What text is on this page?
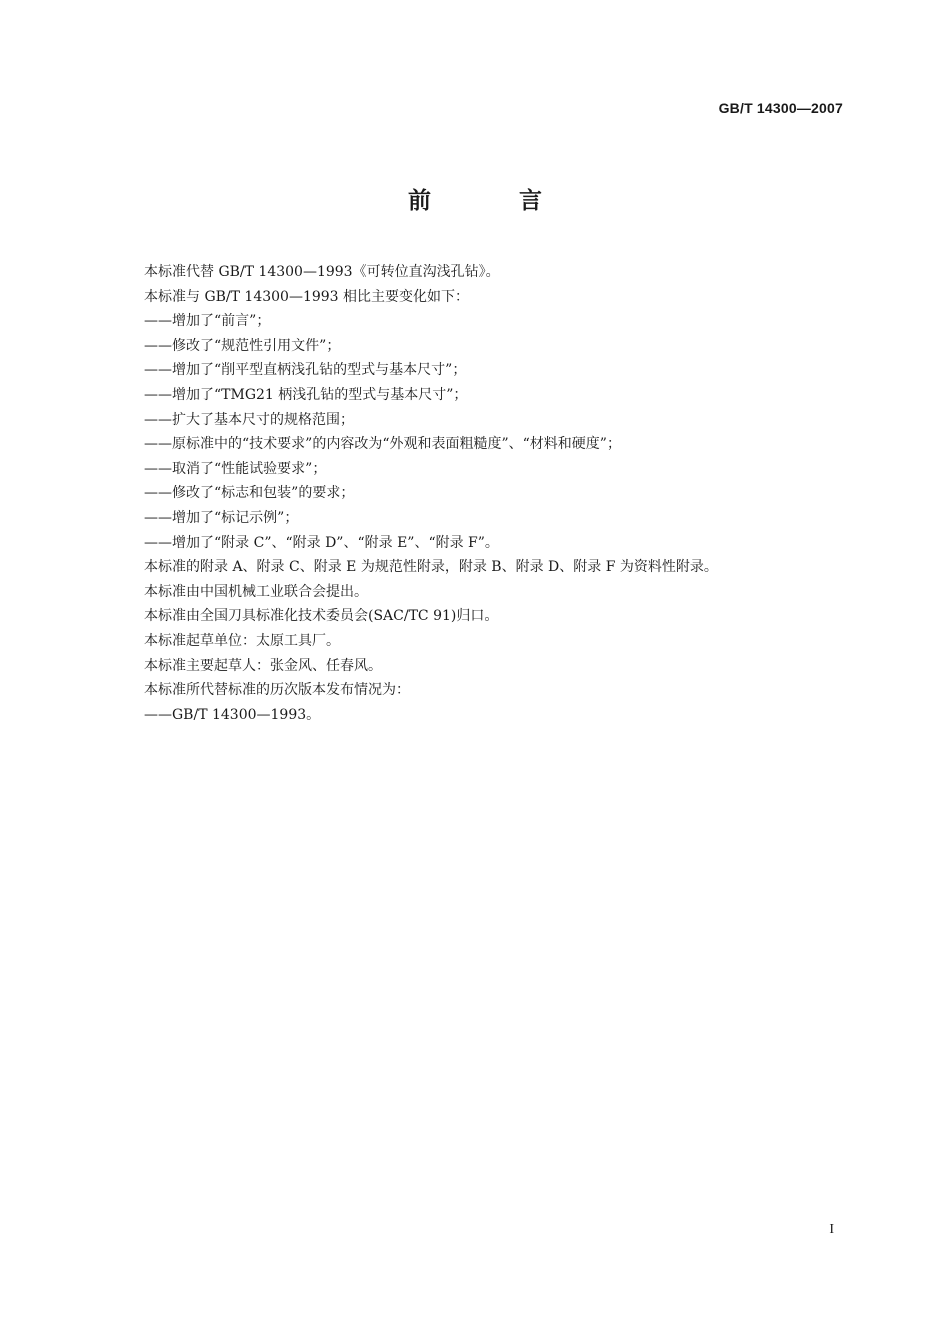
GB/T 14300—2007
前 言
本标准代替 GB/T 14300—1993《可转位直沟浅孔钻》。
本标准与 GB/T 14300—1993 相比主要变化如下：
——增加了“前言”；
——修改了“规范性引用文件”；
——增加了“削平型直柄浅孔钻的型式与基本尺寸”；
——增加了“TMG21 柄浅孔钻的型式与基本尺寸”；
——扩大了基本尺寸的规格范围；
——原标准中的“技术要求”的内容改为“外观和表面粗糙度”、“材料和硬度”；
——取消了“性能试验要求”；
——修改了“标志和包装”的要求；
——增加了“标记示例”；
——增加了“附录 C”、“附录 D”、“附录 E”、“附录 F”。
本标准的附录 A、附录 C、附录 E 为规范性附录，附录 B、附录 D、附录 F 为资料性附录。
本标准由中国机械工业联合会提出。
本标准由全国刀具标准化技术委员会(SAC/TC 91)归口。
本标准起草单位：太原工具厂。
本标准主要起草人：张金风、任春风。
本标准所代替标准的历次版本发布情况为：
——GB/T 14300—1993。
I
